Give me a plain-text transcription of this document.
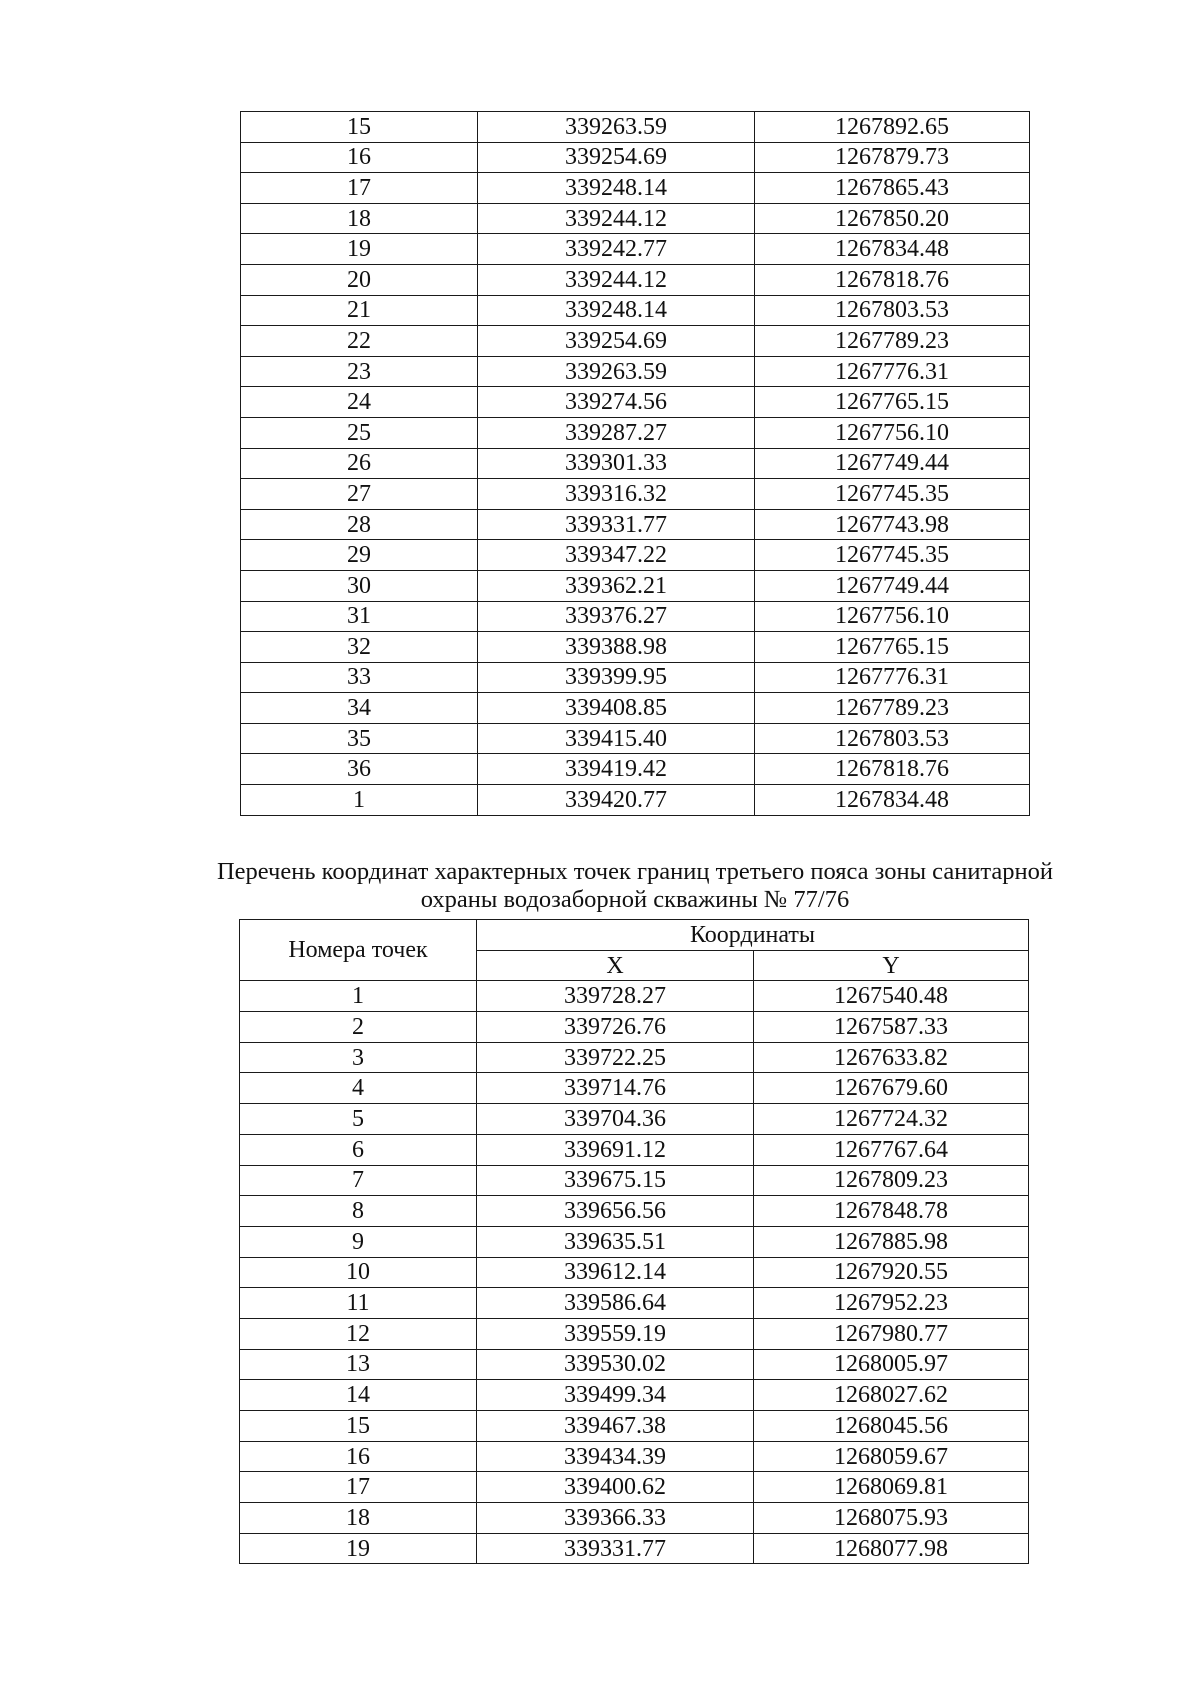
15	339263.59	1267892.65
16	339254.69	1267879.73
17	339248.14	1267865.43
18	339244.12	1267850.20
19	339242.77	1267834.48
20	339244.12	1267818.76
21	339248.14	1267803.53
22	339254.69	1267789.23
23	339263.59	1267776.31
24	339274.56	1267765.15
25	339287.27	1267756.10
26	339301.33	1267749.44
27	339316.32	1267745.35
28	339331.77	1267743.98
29	339347.22	1267745.35
30	339362.21	1267749.44
31	339376.27	1267756.10
32	339388.98	1267765.15
33	339399.95	1267776.31
34	339408.85	1267789.23
35	339415.40	1267803.53
36	339419.42	1267818.76
1	339420.77	1267834.48
Перечень координат характерных точек границ третьего пояса зоны санитарной
охраны водозаборной скважины № 77/76
Номера точек	Координаты	
	X	Y
1	339728.27	1267540.48
2	339726.76	1267587.33
3	339722.25	1267633.82
4	339714.76	1267679.60
5	339704.36	1267724.32
6	339691.12	1267767.64
7	339675.15	1267809.23
8	339656.56	1267848.78
9	339635.51	1267885.98
10	339612.14	1267920.55
11	339586.64	1267952.23
12	339559.19	1267980.77
13	339530.02	1268005.97
14	339499.34	1268027.62
15	339467.38	1268045.56
16	339434.39	1268059.67
17	339400.62	1268069.81
18	339366.33	1268075.93
19	339331.77	1268077.98
